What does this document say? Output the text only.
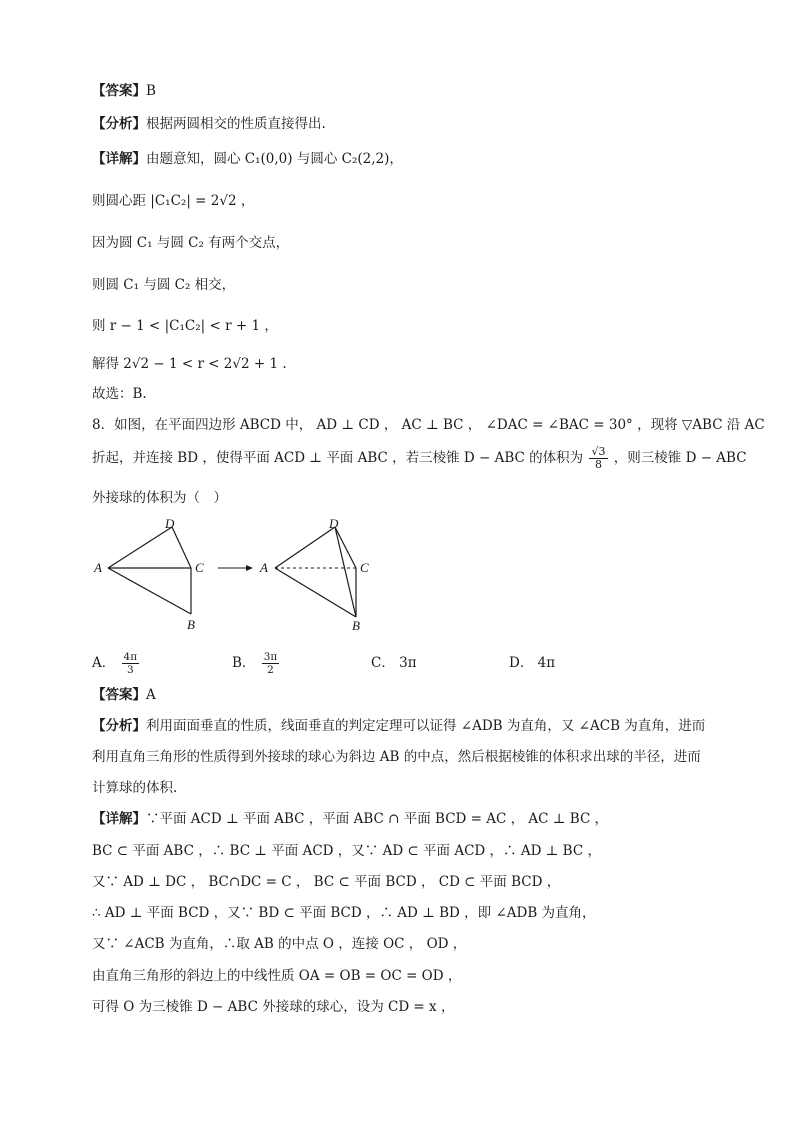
【答案】B
【分析】根据两圆相交的性质直接得出.
【详解】由题意知，圆心 C₁(0,0) 与圆心 C₂(2,2)，
则圆心距 |C₁C₂| = 2√2 ，
因为圆 C₁ 与圆 C₂ 有两个交点，
则圆 C₁ 与圆 C₂ 相交，
则 r − 1 < |C₁C₂| < r + 1 ，
解得 2√2 − 1 < r < 2√2 + 1 .
故选：B.
8．如图，在平面四边形 ABCD 中， AD ⊥ CD ， AC ⊥ BC ， ∠DAC = ∠BAC = 30° ，现将 ▽ABC 沿 AC
折起，并连接 BD ，使得平面 ACD ⊥ 平面 ABC ，若三棱锥 D − ABC 的体积为 $\frac{√3}{8}$ ，则三棱锥 D − ABC
外接球的体积为（　）
A
D
C
B
A
D
C
B
A． $\frac{4\pi}{3}$	B． $\frac{3\pi}{2}$	C． 3π	D． 4π
【答案】A
【分析】利用面面垂直的性质，线面垂直的判定定理可以证得 ∠ADB 为直角，又 ∠ACB 为直角，进而利用直角三角形的性质得到外接球的球心为斜边 AB 的中点，然后根据棱锥的体积求出球的半径，进而计算球的体积.
【详解】∵平面 ACD ⊥ 平面 ABC ，平面 ABC ∩ 平面 BCD = AC ， AC ⊥ BC ，
BC ⊂ 平面 ABC ，∴ BC ⊥ 平面 ACD ，又∵ AD ⊂ 平面 ACD ，∴ AD ⊥ BC ，
又∵ AD ⊥ DC ， BC∩DC = C ， BC ⊂ 平面 BCD ， CD ⊂ 平面 BCD ，
∴ AD ⊥ 平面 BCD ，又∵ BD ⊂ 平面 BCD ，∴ AD ⊥ BD ，即 ∠ADB 为直角，
又∵ ∠ACB 为直角，∴取 AB 的中点 O ，连接 OC ， OD ，
由直角三角形的斜边上的中线性质 OA = OB = OC = OD ，
可得 O 为三棱锥 D − ABC 外接球的球心，设为 CD = x ，
